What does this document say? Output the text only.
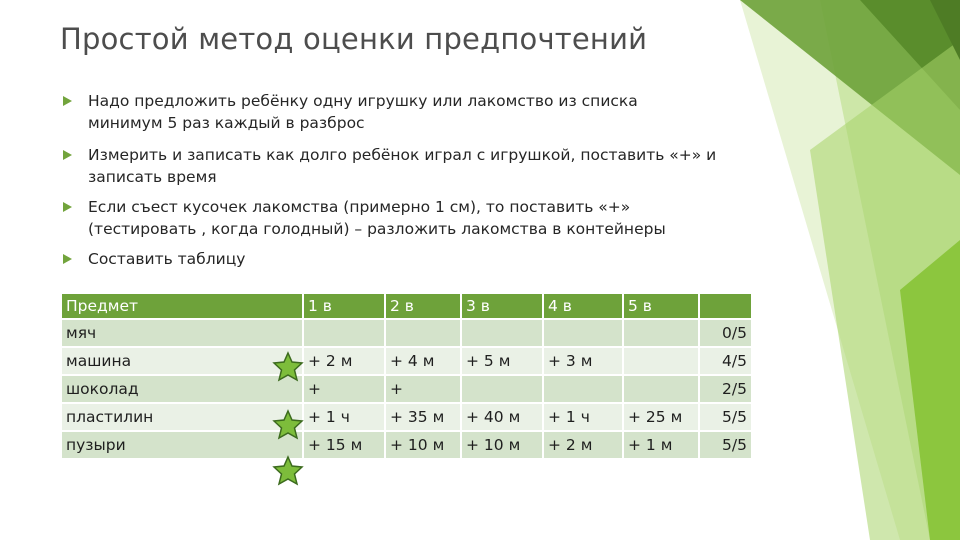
Простой метод оценки предпочтений
Надо предложить ребёнку одну игрушку или лакомство из списка
минимум 5 раз каждый в разброс
Измерить и записать как долго ребёнок играл с игрушкой, поставить «+» и
записать время
Если съест кусочек лакомства (примерно 1 см), то поставить «+»
(тестировать , когда голодный) – разложить лакомства в контейнеры
Составить таблицу
Предмет	1 в	2 в	3 в	4 в	5 в	
мяч						0/5
машина	+ 2 м	+ 4 м	+ 5 м	+ 3 м		4/5
шоколад	+	+				2/5
пластилин	+ 1 ч	+ 35 м	+ 40 м	+ 1 ч	+ 25 м	5/5
пузыри	+ 15 м	+ 10 м	+ 10 м	+ 2 м	+ 1 м	5/5
